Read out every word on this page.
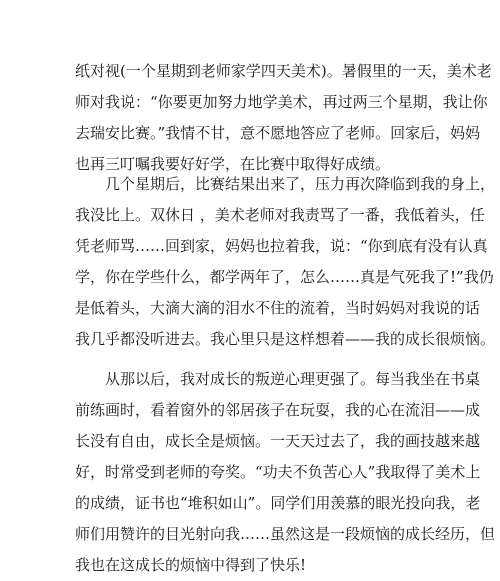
纸对视(一个星期到老师家学四天美术)。暑假里的一天，美术老
师对我说：“你要更加努力地学美术，再过两三个星期，我让你
去瑞安比赛。”我情不甘，意不愿地答应了老师。回家后，妈妈
也再三叮嘱我要好好学，在比赛中取得好成绩。
几个星期后，比赛结果出来了，压力再次降临到我的身上，
我没比上。双休日 ，美术老师对我责骂了一番，我低着头，任
凭老师骂……回到家，妈妈也拉着我，说：“你到底有没有认真
学，你在学些什么，都学两年了，怎么……真是气死我了!”我仍
是低着头，大滴大滴的泪水不住的流着，当时妈妈对我说的话
我几乎都没听进去。我心里只是这样想着——我的成长很烦恼。
从那以后，我对成长的叛逆心理更强了。每当我坐在书桌
前练画时，看着窗外的邻居孩子在玩耍，我的心在流泪——成
长没有自由，成长全是烦恼。一天天过去了，我的画技越来越
好，时常受到老师的夸奖。“功夫不负苦心人”我取得了美术上
的成绩，证书也“堆积如山”。同学们用羡慕的眼光投向我，老
师们用赞许的目光射向我……虽然这是一段烦恼的成长经历，但
我也在这成长的烦恼中得到了快乐!
